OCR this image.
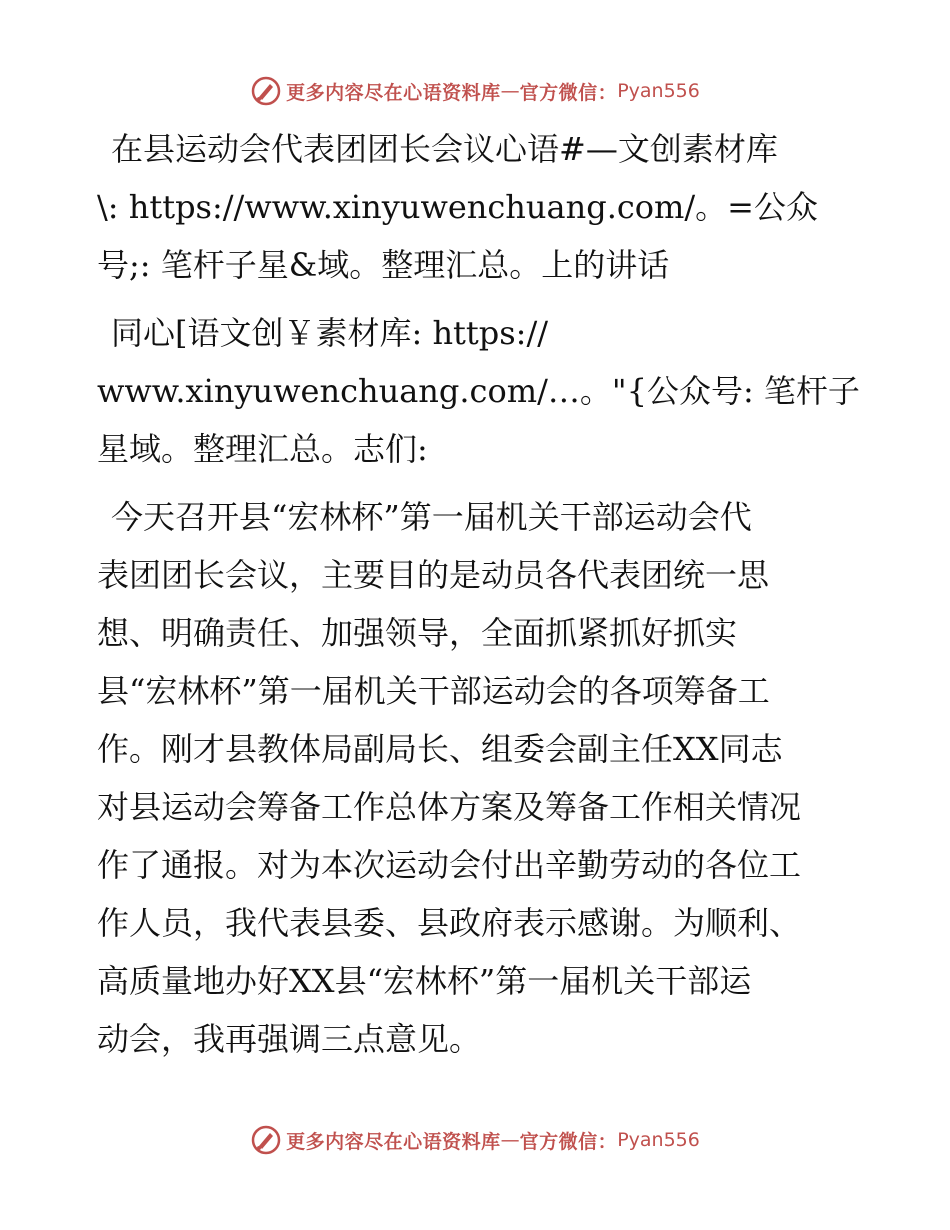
更多内容尽在心语资料库 — 官方微信： Pyan556

在县运动会代表团团长会议心语#—文创素材库
\: https://www.xinyuwenchuang.com/。=公众
号;: 笔杆子星&域。整理汇总。上的讲话

同心[语文创￥素材库: https://
www.xinyuwenchuang.com/…。"{公众号: 笔杆子
星域。整理汇总。志们:

今天召开县“宏林杯”第一届机关干部运动会代
表团团长会议，主要目的是动员各代表团统一思
想、明确责任、加强领导，全面抓紧抓好抓实
县“宏林杯”第一届机关干部运动会的各项筹备工
作。刚才县教体局副局长、组委会副主任XX同志
对县运动会筹备工作总体方案及筹备工作相关情况
作了通报。对为本次运动会付出辛勤劳动的各位工
作人员，我代表县委、县政府表示感谢。为顺利、
高质量地办好XX县“宏林杯”第一届机关干部运
动会，我再强调三点意见。

更多内容尽在心语资料库 — 官方微信： Pyan556
